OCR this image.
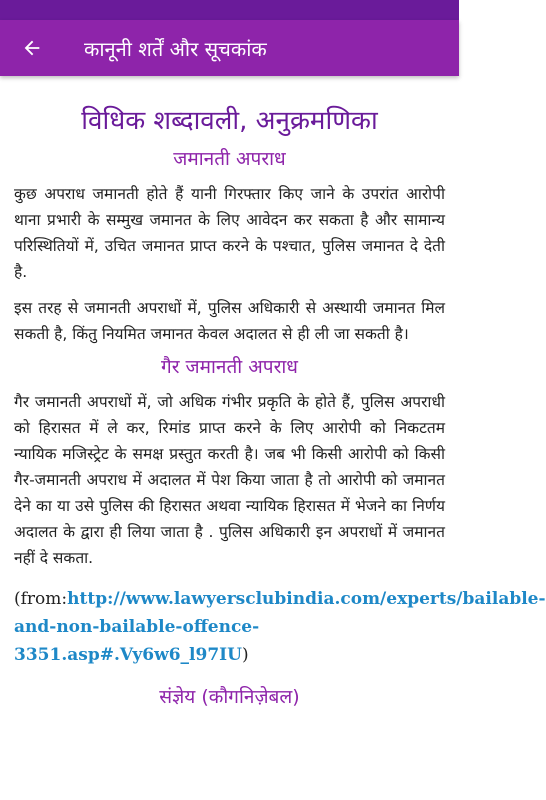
कानूनी शर्तें और सूचकांक
विधिक शब्दावली, अनुक्रमणिका
जमानती अपराध

कुछ अपराध जमानती होते हैं यानी गिरफ्तार किए जाने के उपरांत आरोपी थाना प्रभारी के सम्मुख जमानत के लिए आवेदन कर सकता है और सामान्य परिस्थितियों में, उचित जमानत प्राप्त करने के पश्चात, पुलिस जमानत दे देती है.

इस तरह से जमानती अपराधों में, पुलिस अधिकारी से अस्थायी जमानत मिल सकती है, किंतु नियमित जमानत केवल अदालत से ही ली जा सकती है।

गैर जमानती अपराध

गैर जमानती अपराधों में, जो अधिक गंभीर प्रकृति के होते हैं, पुलिस अपराधी को हिरासत में ले कर, रिमांड प्राप्त करने के लिए आरोपी को निकटतम न्यायिक मजिस्ट्रेट के समक्ष प्रस्तुत करती है। जब भी किसी आरोपी को किसी गैर-जमानती अपराध में अदालत में पेश किया जाता है तो आरोपी को जमानत देने का या उसे पुलिस की हिरासत अथवा न्यायिक हिरासत में भेजने का निर्णय अदालत के द्वारा ही लिया जाता है . पुलिस अधिकारी इन अपराधों में जमानत नहीं दे सकता.

(from:http://www.lawyersclubindia.com/experts/bailable-
and-non-bailable-offence-
3351.asp#.Vy6w6_l97IU)
संज्ञेय (कौगनिज़ेबल)
